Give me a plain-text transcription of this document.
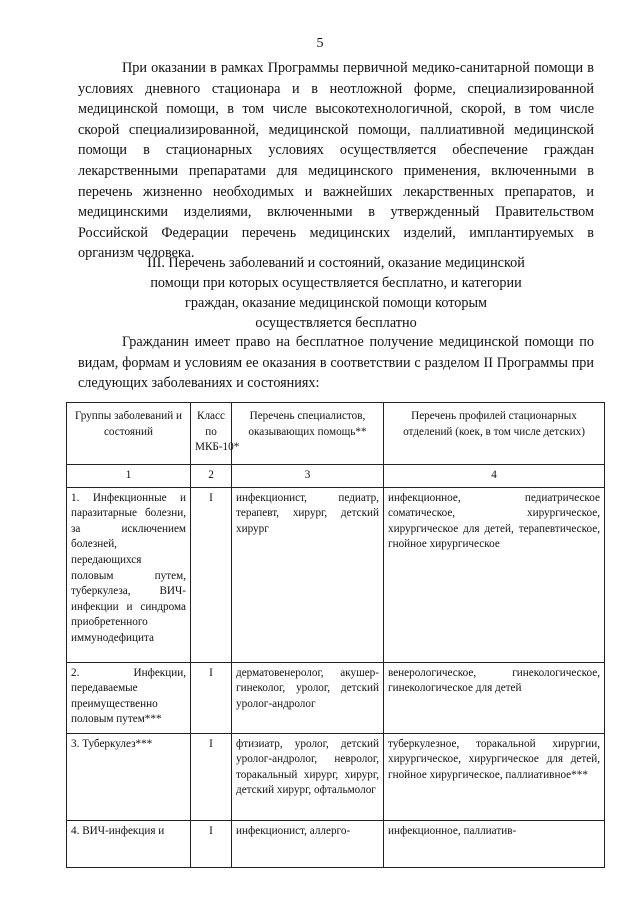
5

При оказании в рамках Программы первичной медико-санитарной помощи в условиях дневного стационара и в неотложной форме, специализированной медицинской помощи, в том числе высокотехнологичной, скорой, в том числе скорой специализированной, медицинской помощи, паллиативной медицинской помощи в стационарных условиях осуществляется обеспечение граждан лекарственными препаратами для медицинского применения, включенными в перечень жизненно необходимых и важнейших лекарственных препаратов, и медицинскими изделиями, включенными в утвержденный Правительством Российской Федерации перечень медицинских изделий, имплантируемых в организм человека.

III. Перечень заболеваний и состояний, оказание медицинской
помощи при которых осуществляется бесплатно, и категории
граждан, оказание медицинской помощи которым
осуществляется бесплатно

Гражданин имеет право на бесплатное получение медицинской помощи по видам, формам и условиям ее оказания в соответствии с разделом II Программы при следующих заболеваниях и состояниях:

Группы заболеваний и состояний	Класс по МКБ-10*	Перечень специалистов, оказывающих помощь**	Перечень профилей стационарных отделений (коек, в том числе детских)
1	2	3	4
1. Инфекционные и паразитарные болезни, за исключением болезней, передающихся половым путем, туберкулеза, ВИЧ-инфекции и синдрома приобретенного иммунодефицита	I	инфекционист, педиатр, терапевт, хирург, детский хирург	инфекционное, педиатрическое соматическое, хирургическое, хирургическое для детей, терапевтическое, гнойное хирургическое
2. Инфекции, передаваемые преимущественно половым путем***	I	дерматовенеролог, акушер-гинеколог, уролог, детский уролог-андролог	венерологическое, гинекологическое, гинекологическое для детей
3. Туберкулез***	I	фтизиатр, уролог, детский уролог-андролог, невролог, торакальный хирург, хирург, детский хирург, офтальмолог	туберкулезное, торакальной хирургии, хирургическое, хирургическое для детей, гнойное хирургическое, паллиативное***
4. ВИЧ-инфекция и	I	инфекционист, аллерго-	инфекционное, паллиатив-
